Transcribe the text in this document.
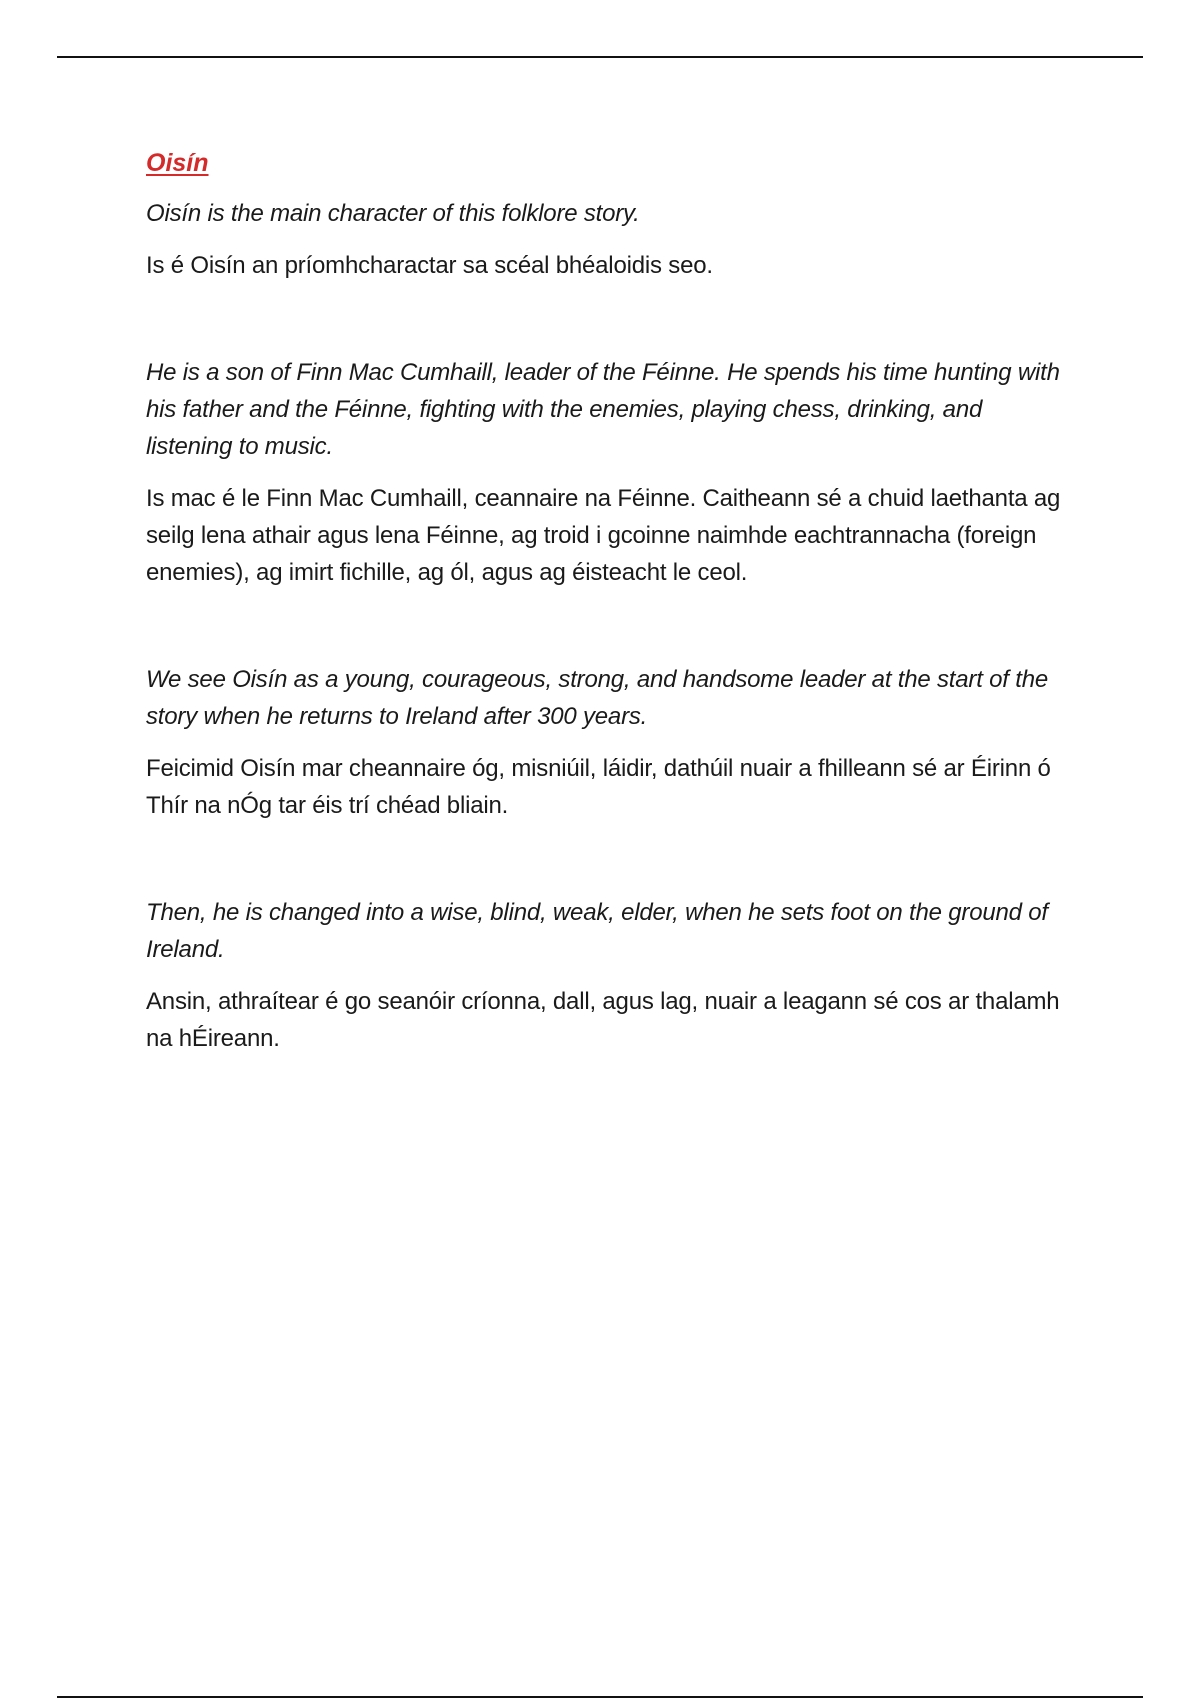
Oisín

Oisín is the main character of this folklore story.

Is é Oisín an príomhcharactar sa scéal bhéaloidis seo.

He is a son of Finn Mac Cumhaill, leader of the Féinne. He spends his time hunting with his father and the Féinne, fighting with the enemies, playing chess, drinking, and listening to music.

Is mac é le Finn Mac Cumhaill, ceannaire na Féinne. Caitheann sé a chuid laethanta ag seilg lena athair agus lena Féinne, ag troid i gcoinne naimhde eachtrannacha (foreign enemies), ag imirt fichille, ag ól, agus ag éisteacht le ceol.

We see Oisín as a young, courageous, strong, and handsome leader at the start of the story when he returns to Ireland after 300 years.

Feicimid Oisín mar cheannaire óg, misniúil, láidir, dathúil nuair a fhilleann sé ar Éirinn ó Thír na nÓg tar éis trí chéad bliain.

Then, he is changed into a wise, blind, weak, elder, when he sets foot on the ground of Ireland.

Ansin, athraítear é go seanóir críonna, dall, agus lag, nuair a leagann sé cos ar thalamh na hÉireann.
